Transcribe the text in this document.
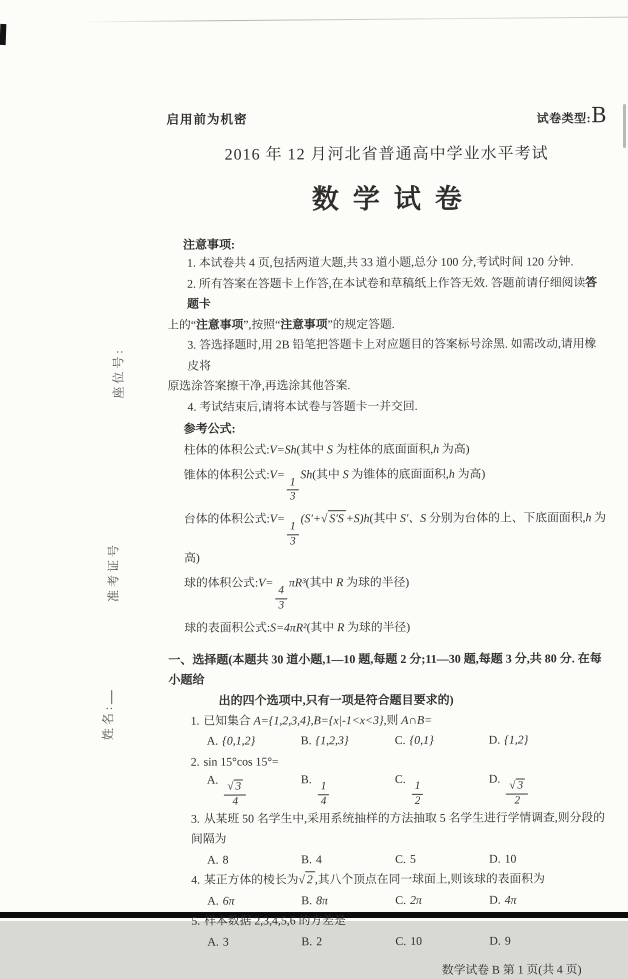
座位号:
准考证号
姓名:
启用前为机密	试卷类型:B
2016 年 12 月河北省普通高中学业水平考试
数学试卷
注意事项:
1. 本试卷共 4 页,包括两道大题,共 33 道小题,总分 100 分,考试时间 120 分钟.
2. 所有答案在答题卡上作答,在本试卷和草稿纸上作答无效. 答题前请仔细阅读答题卡
上的“注意事项”,按照“注意事项”的规定答题.
3. 答选择题时,用 2B 铅笔把答题卡上对应题目的答案标号涂黑. 如需改动,请用橡皮将
原选涂答案擦干净,再选涂其他答案.
4. 考试结束后,请将本试卷与答题卡一并交回.
参考公式:
柱体的体积公式:V=Sh(其中 S 为柱体的底面面积,h 为高)
锥体的体积公式:V=
$\frac{1}{3}$
Sh(其中 S 为锥体的底面面积,h 为高)
台体的体积公式:V=
$\frac{1}{3}$
(S′+√ S′S +S)h(其中 S′、S 分别为台体的上、下底面面积,h 为高)
球的体积公式:V=
$\frac{4}{3}$
πR³(其中 R 为球的半径)
球的表面积公式:S=4πR²(其中 R 为球的半径)
一、选择题(本题共 30 道小题,1—10 题,每题 2 分;11—30 题,每题 3 分,共 80 分. 在每小题给
出的四个选项中,只有一项是符合题目要求的)
1. 已知集合 A={1,2,3,4},B={x|-1<x<3},则 A∩B=
A. {0,1,2}	B. {1,2,3}	C. {0,1}	D. {1,2}
2. sin 15°cos 15°=
A.
$\frac{√ 3}{4}$
B.
$\frac{1}{4}$
C.
$\frac{1}{2}$
D.
$\frac{√ 3}{2}$
3. 从某班 50 名学生中,采用系统抽样的方法抽取 5 名学生进行学情调查,则分段的间隔为
A. 8	B. 4	C. 5	D. 10
4. 某正方体的棱长为√ 2 ,其八个顶点在同一球面上,则该球的表面积为
A. 6π	B. 8π	C. 2π	D. 4π
5. 样本数据 2,3,4,5,6 的方差是
A. 3	B. 2	C. 10	D. 9
数学试卷 B 第 1 页(共 4 页)
